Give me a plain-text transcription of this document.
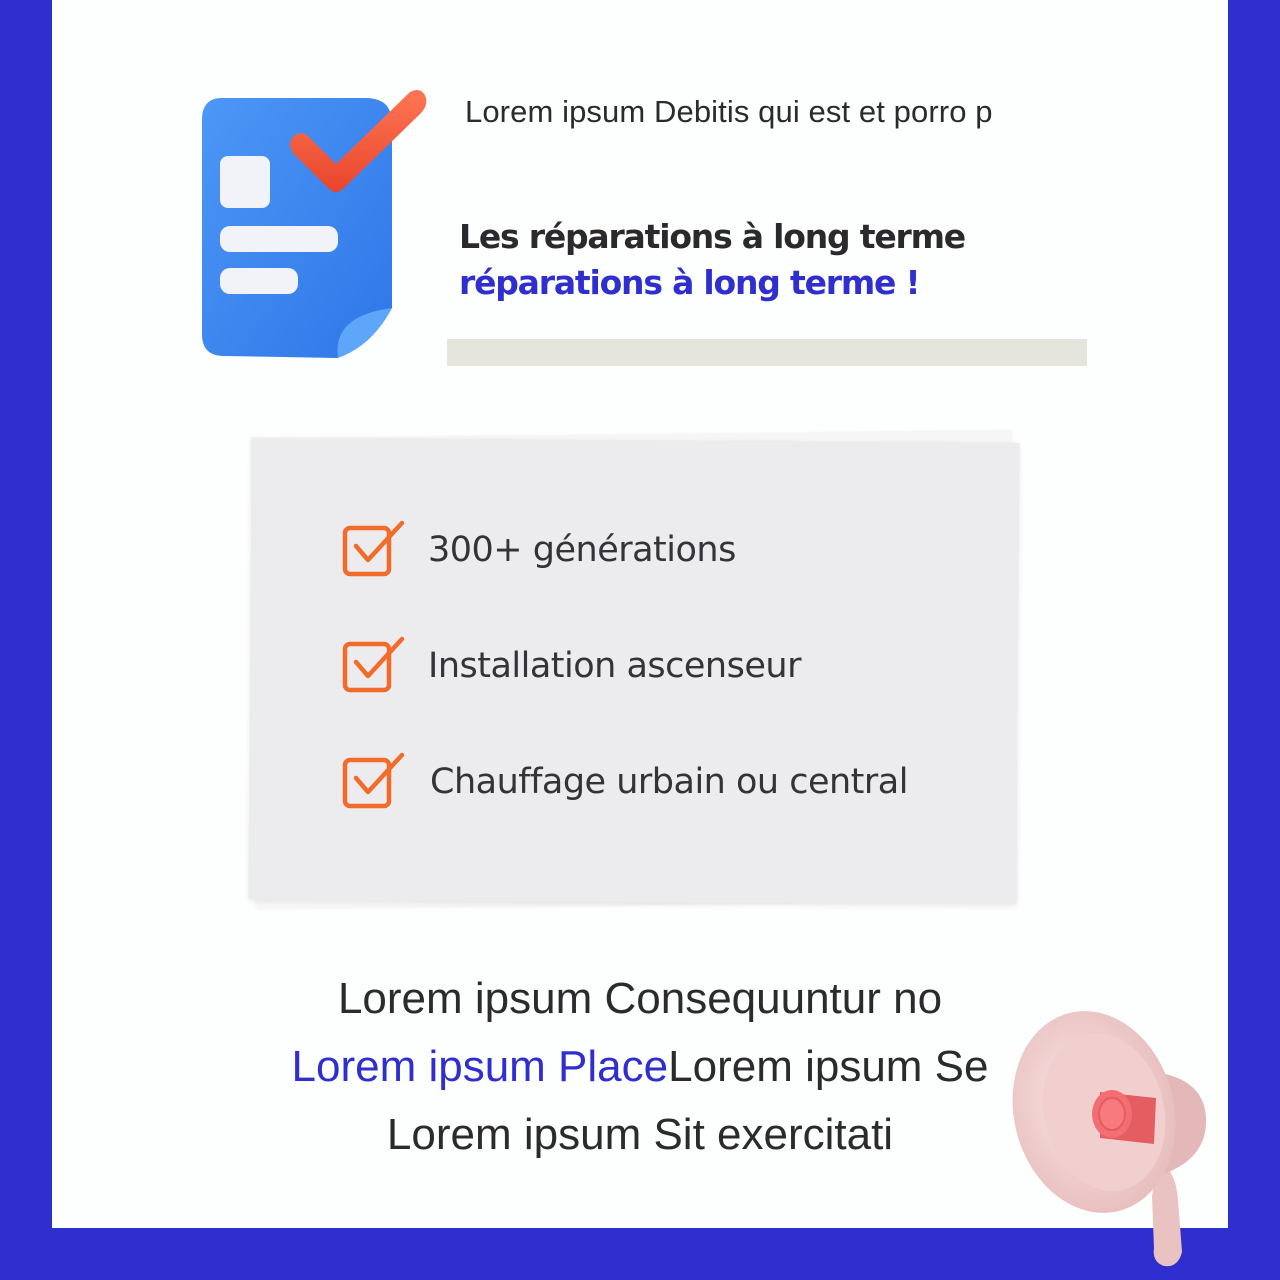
Lorem ipsum Debitis qui est et porro p
Les réparations à long terme
réparations à long terme !
300+ générations
Installation ascenseur
Chauffage urbain ou central
Lorem ipsum Consequuntur no
Lorem ipsum PlaceLorem ipsum Se
Lorem ipsum Sit exercitati
